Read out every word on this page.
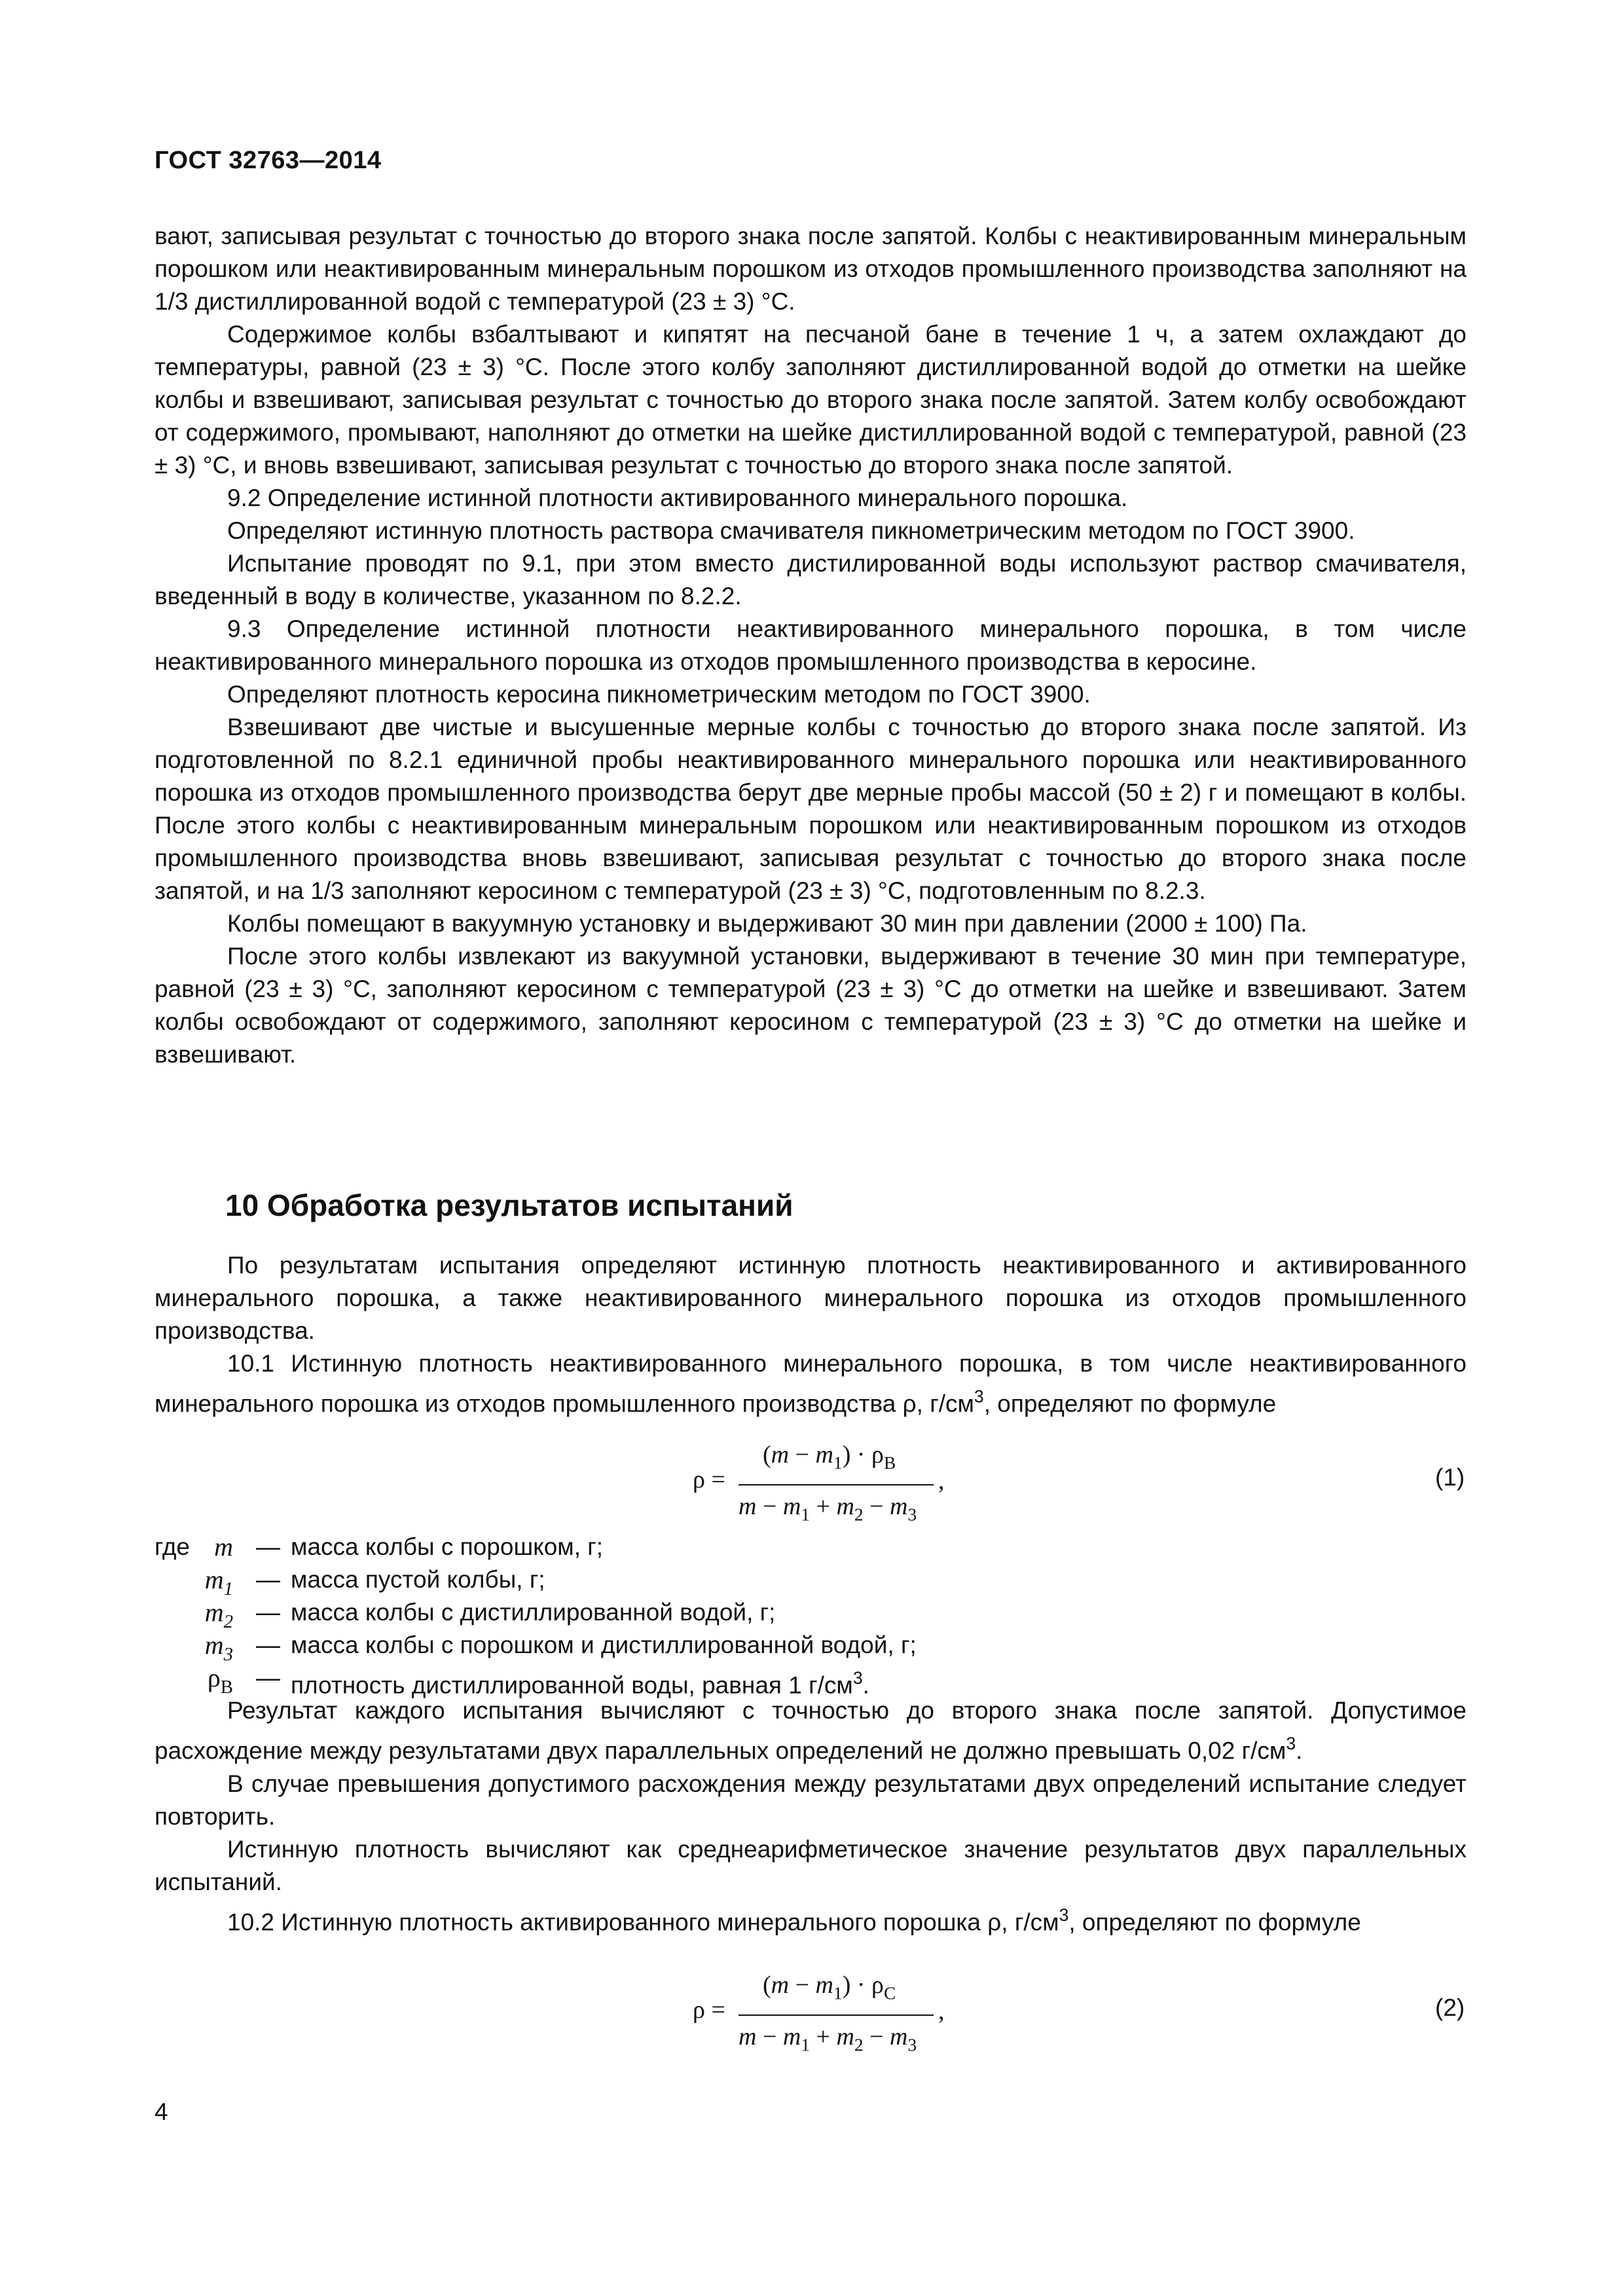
ГОСТ 32763—2014

вают, записывая результат с точностью до второго знака после запятой. Колбы с неактивированным минеральным порошком или неактивированным минеральным порошком из отходов промышленного производства заполняют на 1/3 дистиллированной водой с температурой (23 ± 3) °С.

Содержимое колбы взбалтывают и кипятят на песчаной бане в течение 1 ч, а затем охлаждают до температуры, равной (23 ± 3) °С. После этого колбу заполняют дистиллированной водой до отметки на шейке колбы и взвешивают, записывая результат с точностью до второго знака после запятой. Затем колбу освобождают от содержимого, промывают, наполняют до отметки на шейке дистиллированной водой с температурой, равной (23 ± 3) °С, и вновь взвешивают, записывая результат с точностью до второго знака после запятой.

9.2 Определение истинной плотности активированного минерального порошка.

Определяют истинную плотность раствора смачивателя пикнометрическим методом по ГОСТ 3900.

Испытание проводят по 9.1, при этом вместо дистилированной воды используют раствор смачивателя, введенный в воду в количестве, указанном по 8.2.2.

9.3 Определение истинной плотности неактивированного минерального порошка, в том числе неактивированного минерального порошка из отходов промышленного производства в керосине.

Определяют плотность керосина пикнометрическим методом по ГОСТ 3900.

Взвешивают две чистые и высушенные мерные колбы с точностью до второго знака после запятой. Из подготовленной по 8.2.1 единичной пробы неактивированного минерального порошка или неактивированного порошка из отходов промышленного производства берут две мерные пробы массой (50 ± 2) г и помещают в колбы. После этого колбы с неактивированным минеральным порошком или неактивированным порошком из отходов промышленного производства вновь взвешивают, записывая результат с точностью до второго знака после запятой, и на 1/3 заполняют керосином с температурой (23 ± 3) °С, подготовленным по 8.2.3.

Колбы помещают в вакуумную установку и выдерживают 30 мин при давлении (2000 ± 100) Па.

После этого колбы извлекают из вакуумной установки, выдерживают в течение 30 мин при температуре, равной (23 ± 3) °С, заполняют керосином с температурой (23 ± 3) °С до отметки на шейке и взвешивают. Затем колбы освобождают от содержимого, заполняют керосином с температурой (23 ± 3) °С до отметки на шейке и взвешивают.

10 Обработка результатов испытаний

По результатам испытания определяют истинную плотность неактивированного и активированного минерального порошка, а также неактивированного минерального порошка из отходов промышленного производства.

10.1 Истинную плотность неактивированного минерального порошка, в том числе неактивированного минерального порошка из отходов промышленного производства ρ, $г/см^3$, определяют по формуле

ρ =
$(m - m_1) \cdot \rho_В$
$m - m_1 + m_2 - m_3$
,	(1)
где m — масса колбы с порошком, г;
$m_1$ — масса пустой колбы, г;
$m_2$ — масса колбы с дистиллированной водой, г;
$m_3$ — масса колбы с порошком и дистиллированной водой, г;
$\rho_В$ — плотность дистиллированной воды, равная 1 $г/см^3$.

Результат каждого испытания вычисляют с точностью до второго знака после запятой. Допустимое расхождение между результатами двух параллельных определений не должно превышать 0,02 $г/см^3$.

В случае превышения допустимого расхождения между результатами двух определений испытание следует повторить.

Истинную плотность вычисляют как среднеарифметическое значение результатов двух параллельных испытаний.

10.2 Истинную плотность активированного минерального порошка ρ, $г/см^3$, определяют по формуле

ρ =
$(m - m_1) \cdot \rho_С$
$m - m_1 + m_2 - m_3$
,	(2)
4
